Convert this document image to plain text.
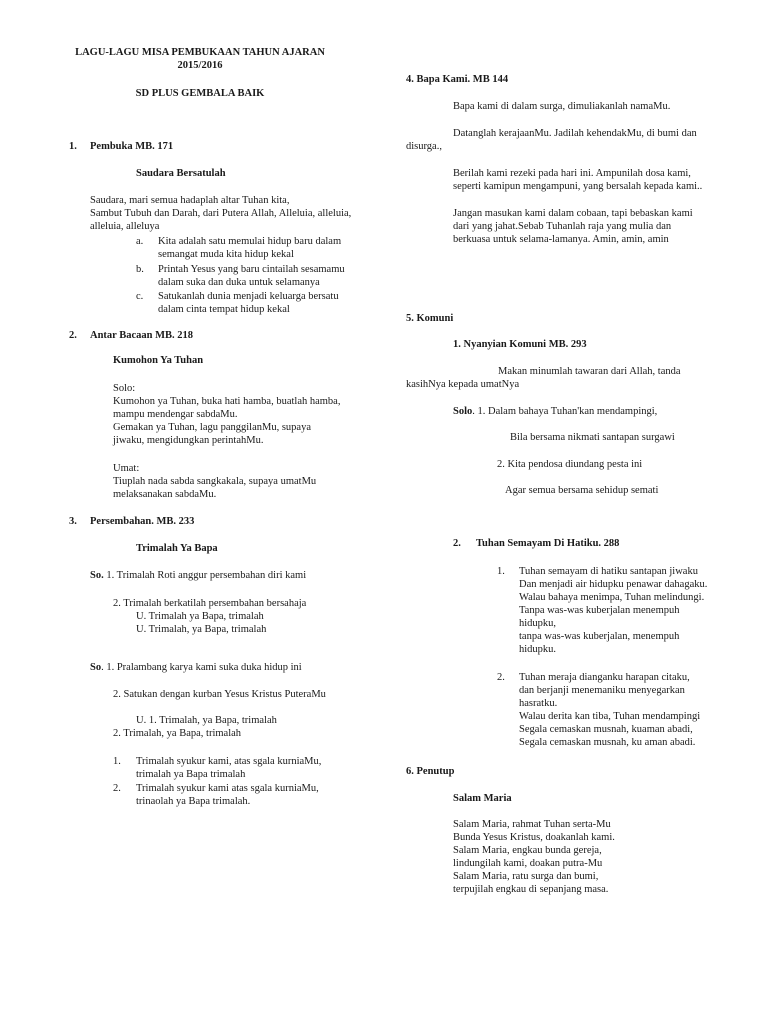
LAGU-LAGU MISA PEMBUKAAN TAHUN AJARAN
2015/2016
SD PLUS GEMBALA BAIK
1. Pembuka MB. 171
Saudara Bersatulah
Saudara, mari semua hadaplah altar Tuhan kita,
Sambut Tubuh dan Darah, dari Putera Allah, Alleluia, alleluia,
alleluia, alleluya
a. Kita adalah satu memulai hidup baru dalam
semangat muda kita hidup kekal
b. Printah Yesus yang baru cintailah sesamamu
dalam suka dan duka untuk selamanya
c. Satukanlah dunia menjadi keluarga bersatu
dalam cinta tempat hidup kekal
2. Antar Bacaan MB. 218
Kumohon Ya Tuhan
Solo:
Kumohon ya Tuhan, buka hati hamba, buatlah hamba,
mampu mendengar sabdaMu.
Gemakan ya Tuhan, lagu panggilanMu, supaya
jiwaku, mengidungkan perintahMu.
Umat:
Tiuplah nada sabda sangkakala, supaya umatMu
melaksanakan sabdaMu.
3. Persembahan. MB. 233
Trimalah Ya Bapa
So. 1. Trimalah Roti anggur persembahan diri kami
2. Trimalah berkatilah persembahan bersahaja
U. Trimalah ya Bapa, trimalah
U. Trimalah, ya Bapa, trimalah
So. 1. Pralambang karya kami suka duka hidup ini
2. Satukan dengan kurban Yesus Kristus PuteraMu
U. 1. Trimalah, ya Bapa, trimalah
2. Trimalah, ya Bapa, trimalah
1. Trimalah syukur kami, atas sgala kurniaMu,
trimalah ya Bapa trimalah
2. Trimalah syukur kami atas sgala kurniaMu,
trinaolah ya Bapa trimalah.
4. Bapa Kami. MB 144
Bapa kami di dalam surga, dimuliakanlah namaMu.
Datanglah kerajaanMu. Jadilah kehendakMu, di bumi dan
disurga.,
Berilah kami rezeki pada hari ini. Ampunilah dosa kami,
seperti kamipun mengampuni, yang bersalah kepada kami..
Jangan masukan kami dalam cobaan, tapi bebaskan kami
dari yang jahat.Sebab Tuhanlah raja yang mulia dan
berkuasa untuk selama-lamanya. Amin, amin, amin
5. Komuni
1. Nyanyian Komuni MB. 293
Makan minumlah tawaran dari Allah, tanda
kasihNya kepada umatNya
Solo. 1. Dalam bahaya Tuhan'kan mendampingi,
Bila bersama nikmati santapan surgawi
2. Kita pendosa diundang pesta ini
Agar semua bersama sehidup semati
2. Tuhan Semayam Di Hatiku. 288
1. Tuhan semayam di hatiku santapan jiwaku
Dan menjadi air hidupku penawar dahagaku.
Walau bahaya menimpa, Tuhan melindungi.
Tanpa was-was kuberjalan menempuh
hidupku,
tanpa was-was kuberjalan, menempuh
hidupku.
2. Tuhan meraja dianganku harapan citaku,
dan berjanji menemaniku menyegarkan
hasratku.
Walau derita kan tiba, Tuhan mendampingi
Segala cemaskan musnah, kuaman abadi,
Segala cemaskan musnah, ku aman abadi.
6. Penutup
Salam Maria
Salam Maria, rahmat Tuhan serta-Mu
Bunda Yesus Kristus, doakanlah kami.
Salam Maria, engkau bunda gereja,
lindungilah kami, doakan putra-Mu
Salam Maria, ratu surga dan bumi,
terpujilah engkau di sepanjang masa.
